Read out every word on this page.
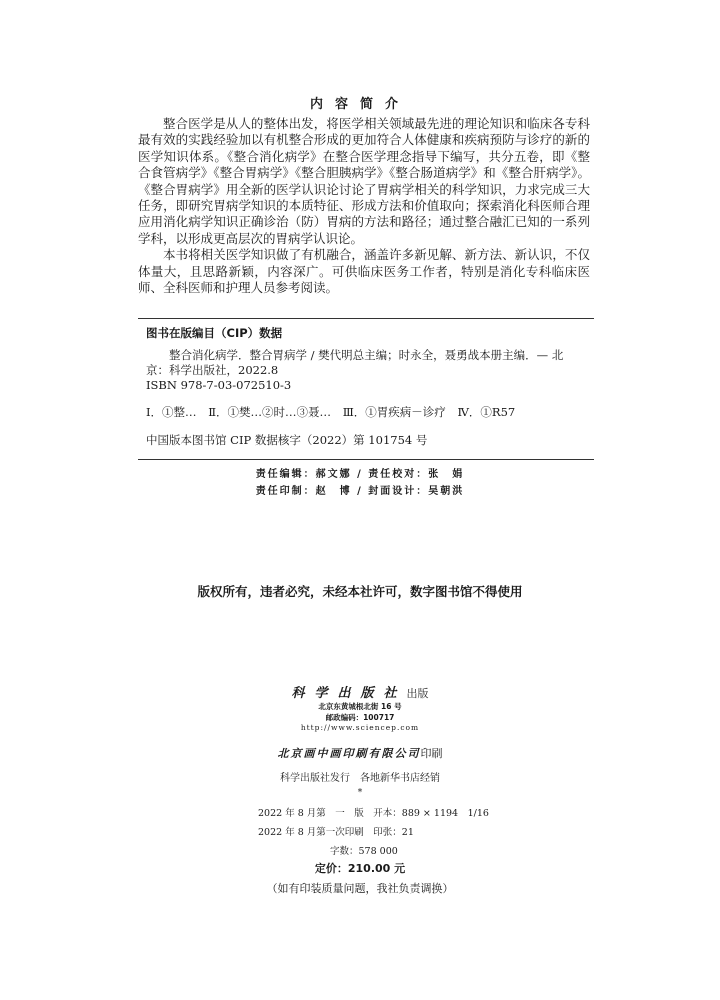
内容简介

整合医学是从人的整体出发，将医学相关领域最先进的理论知识和临床各专科最有效的实践经验加以有机整合形成的更加符合人体健康和疾病预防与诊疗的新的医学知识体系。《整合消化病学》在整合医学理念指导下编写，共分五卷，即《整合食管病学》《整合胃病学》《整合胆胰病学》《整合肠道病学》和《整合肝病学》。《整合胃病学》用全新的医学认识论讨论了胃病学相关的科学知识，力求完成三大任务，即研究胃病学知识的本质特征、形成方法和价值取向；探索消化科医师合理应用消化病学知识正确诊治（防）胃病的方法和路径；通过整合融汇已知的一系列学科，以形成更高层次的胃病学认识论。

本书将相关医学知识做了有机融合，涵盖许多新见解、新方法、新认识，不仅体量大，且思路新颖，内容深广。可供临床医务工作者，特别是消化专科临床医师、全科医师和护理人员参考阅读。

图书在版编目（CIP）数据

整合消化病学．整合胃病学 / 樊代明总主编；时永全，聂勇战本册主编．— 北京：科学出版社，2022.8

ISBN 978-7-03-072510-3
Ⅰ．①整… Ⅱ．①樊…②时…③聂… Ⅲ．①胃疾病－诊疗 Ⅳ．①R57
中国版本图书馆 CIP 数据核字（2022）第 101754 号
责任编辑：郝文娜 / 责任校对：张　娟
责任印制：赵　博 / 封面设计：吴朝洪
版权所有，违者必究，未经本社许可，数字图书馆不得使用
科学出版社出版
北京东黄城根北街 16 号
邮政编码：100717
http://www.sciencep.com
北京画中画印刷有限公司印刷
科学出版社发行　各地新华书店经销
*
2022 年 8 月第　一　版　开本：889 × 1194　1/16
2022 年 8 月第一次印刷　印张：21
字数：578 000
定价：210.00 元
（如有印装质量问题，我社负责调换）
